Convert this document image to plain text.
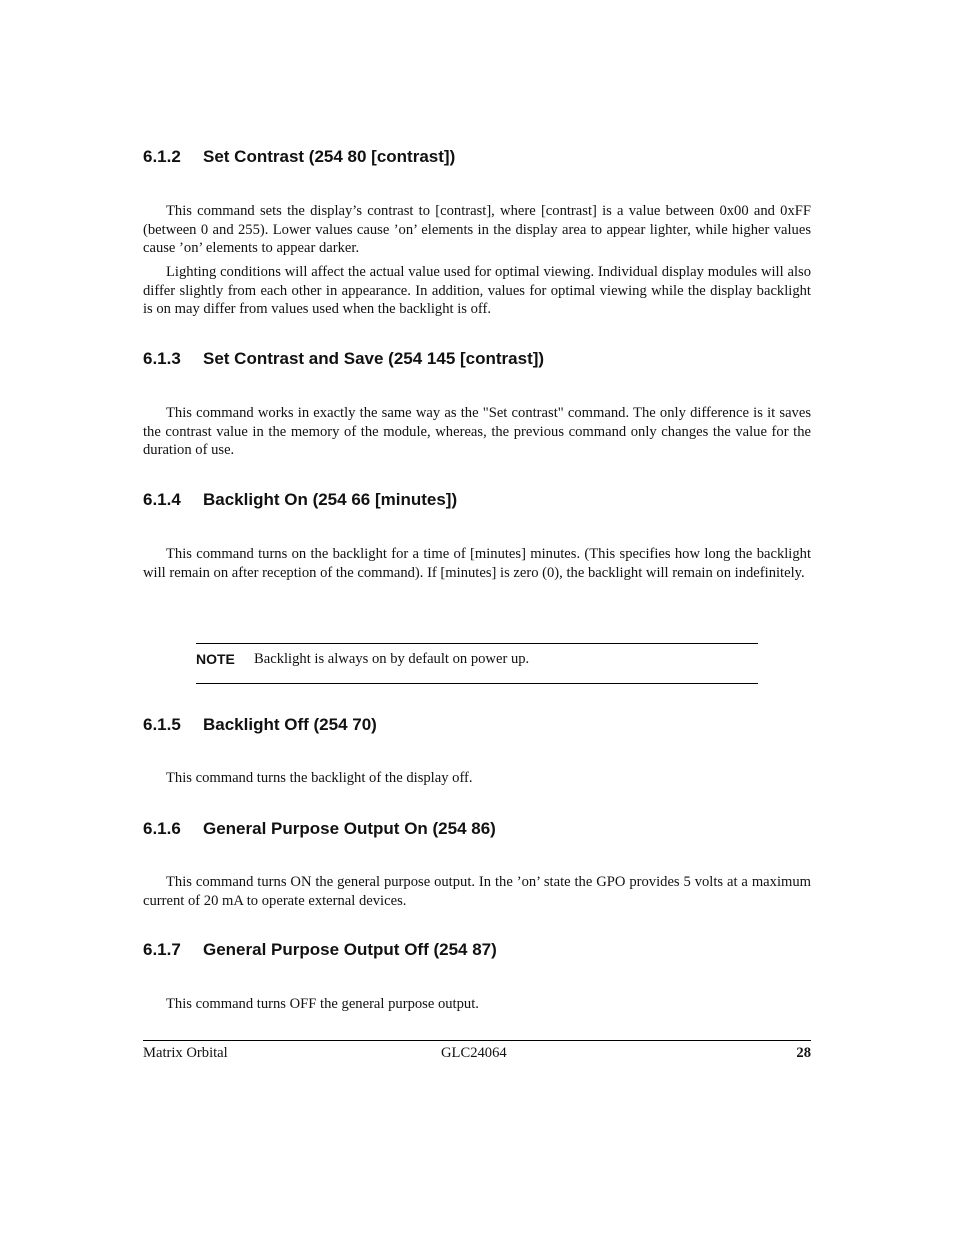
6.1.2 Set Contrast (254 80 [contrast])

This command sets the display’s contrast to [contrast], where [contrast] is a value between 0x00 and 0xFF (between 0 and 255). Lower values cause ’on’ elements in the display area to appear lighter, while higher values cause ’on’ elements to appear darker.

Lighting conditions will affect the actual value used for optimal viewing. Individual display modules will also differ slightly from each other in appearance. In addition, values for optimal viewing while the display backlight is on may differ from values used when the backlight is off.

6.1.3 Set Contrast and Save (254 145 [contrast])

This command works in exactly the same way as the "Set contrast" command. The only difference is it saves the contrast value in the memory of the module, whereas, the previous command only changes the value for the duration of use.

6.1.4 Backlight On (254 66 [minutes])

This command turns on the backlight for a time of [minutes] minutes. (This specifies how long the backlight will remain on after reception of the command). If [minutes] is zero (0), the backlight will remain on indefinitely.

NOTE Backlight is always on by default on power up.
6.1.5 Backlight Off (254 70)

This command turns the backlight of the display off.

6.1.6 General Purpose Output On (254 86)

This command turns ON the general purpose output. In the ’on’ state the GPO provides 5 volts at a maximum current of 20 mA to operate external devices.

6.1.7 General Purpose Output Off (254 87)

This command turns OFF the general purpose output.

Matrix Orbital	GLC24064	28
